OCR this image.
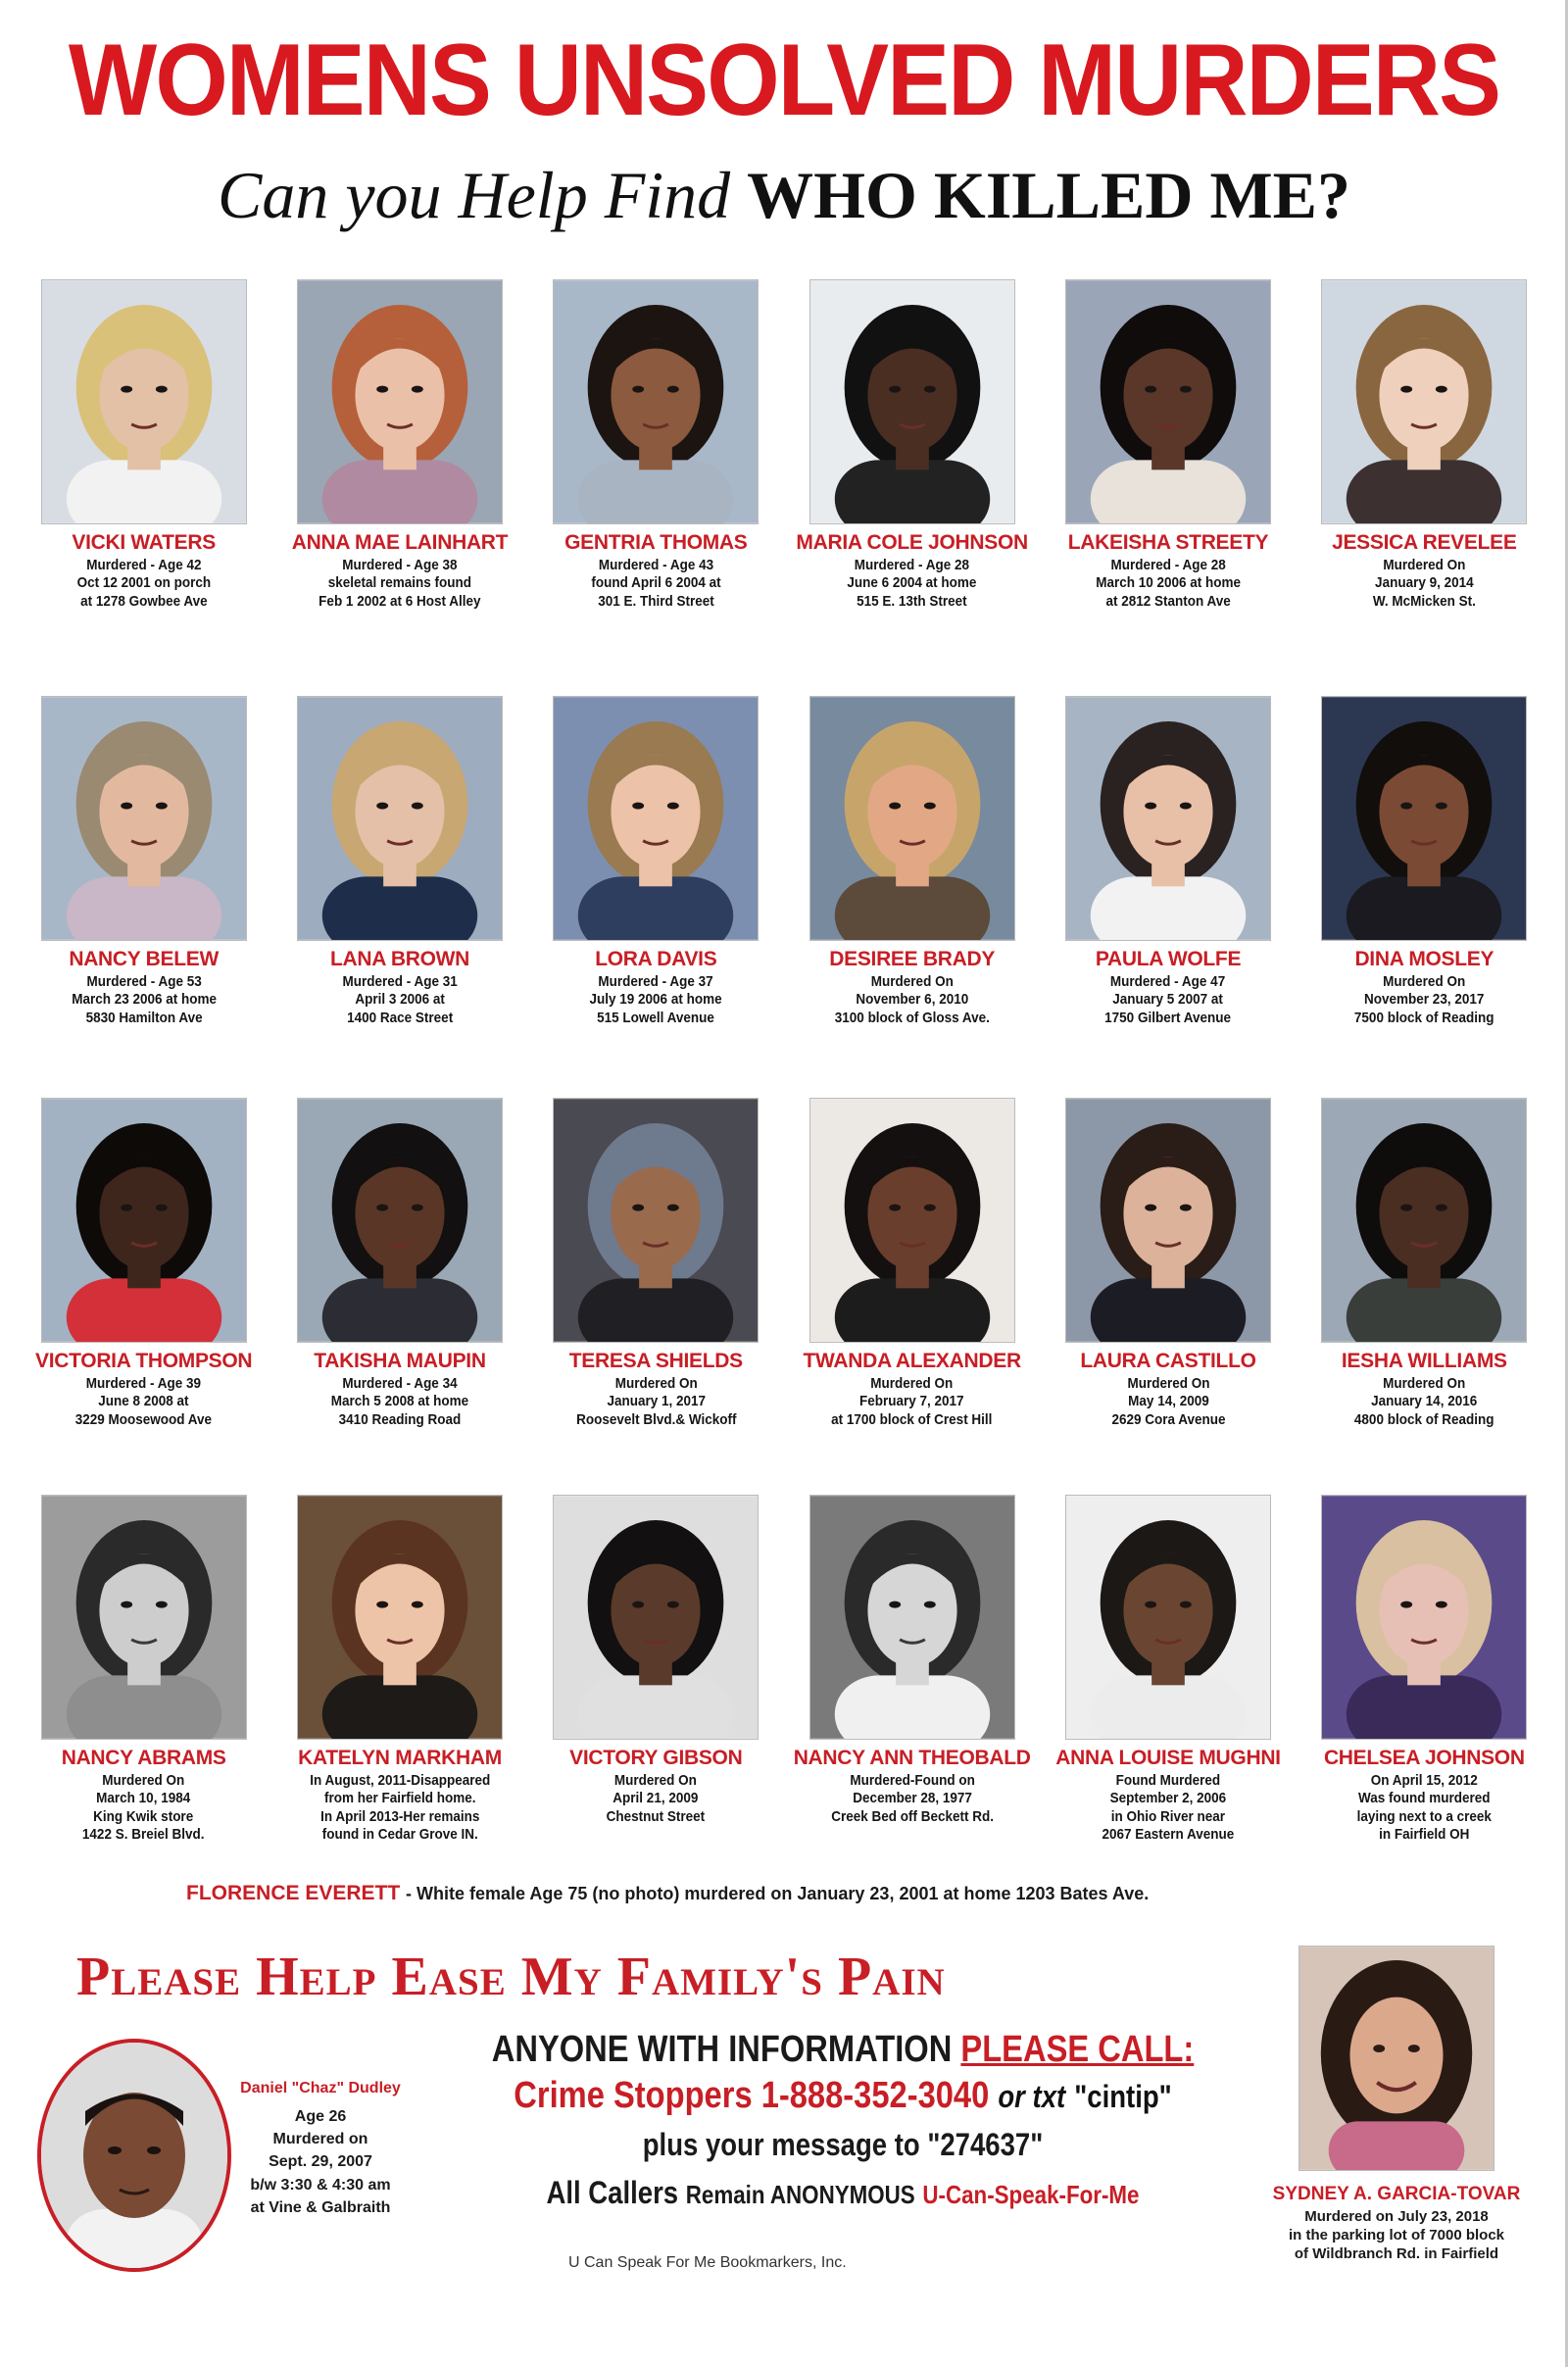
WOMENS UNSOLVED MURDERS
Can you Help Find WHO KILLED ME?
VICKI WATERS
Murdered - Age 42
Oct 12 2001 on porch
at 1278 Gowbee Ave
ANNA MAE LAINHART
Murdered - Age 38
skeletal remains found
Feb 1 2002 at 6 Host Alley
GENTRIA THOMAS
Murdered - Age 43
found April 6 2004 at
301 E. Third Street
MARIA COLE JOHNSON
Murdered - Age 28
June 6 2004 at home
515 E. 13th Street
LAKEISHA STREETY
Murdered - Age 28
March 10 2006 at home
at 2812 Stanton Ave
JESSICA REVELEE
Murdered On
January 9, 2014
W. McMicken St.
NANCY BELEW
Murdered - Age 53
March 23 2006 at home
5830 Hamilton Ave
LANA BROWN
Murdered - Age 31
April 3 2006 at
1400 Race Street
LORA DAVIS
Murdered - Age 37
July 19 2006 at home
515 Lowell Avenue
DESIREE BRADY
Murdered On
November 6, 2010
3100 block of Gloss Ave.
PAULA WOLFE
Murdered - Age 47
January 5 2007 at
1750 Gilbert Avenue
DINA MOSLEY
Murdered On
November 23, 2017
7500 block of Reading
VICTORIA THOMPSON
Murdered - Age 39
June 8 2008 at
3229 Moosewood Ave
TAKISHA MAUPIN
Murdered - Age 34
March 5 2008 at home
3410 Reading Road
TERESA SHIELDS
Murdered On
January 1, 2017
Roosevelt Blvd.& Wickoff
TWANDA ALEXANDER
Murdered On
February 7, 2017
at 1700 block of Crest Hill
LAURA CASTILLO
Murdered On
May 14, 2009
2629 Cora Avenue
IESHA WILLIAMS
Murdered On
January 14, 2016
4800 block of Reading
NANCY ABRAMS
Murdered On
March 10, 1984
King Kwik store
1422 S. Breiel Blvd.
KATELYN MARKHAM
In August, 2011-Disappeared
from her Fairfield home.
In April 2013-Her remains
found in Cedar Grove IN.
VICTORY GIBSON
Murdered On
April 21, 2009
Chestnut Street
NANCY ANN THEOBALD
Murdered-Found on
December 28, 1977
Creek Bed off Beckett Rd.
ANNA LOUISE MUGHNI
Found Murdered
September 2, 2006
in Ohio River near
2067 Eastern Avenue
CHELSEA JOHNSON
On April 15, 2012
Was found murdered
laying next to a creek
in Fairfield OH
FLORENCE EVERETT - White female Age 75 (no photo) murdered on January 23, 2001 at home 1203 Bates Ave.
Please Help Ease My Family's Pain
Daniel "Chaz" Dudley
Age 26
Murdered on
Sept. 29, 2007
b/w 3:30 & 4:30 am
at Vine & Galbraith
ANYONE WITH INFORMATION PLEASE CALL:
Crime Stoppers 1-888-352-3040 or txt "cintip"
plus your message to "274637"
All Callers Remain ANONYMOUS U-Can-Speak-For-Me
U Can Speak For Me Bookmarkers, Inc.
SYDNEY A. GARCIA-TOVAR
Murdered on July 23, 2018
in the parking lot of 7000 block
of Wildbranch Rd. in Fairfield
